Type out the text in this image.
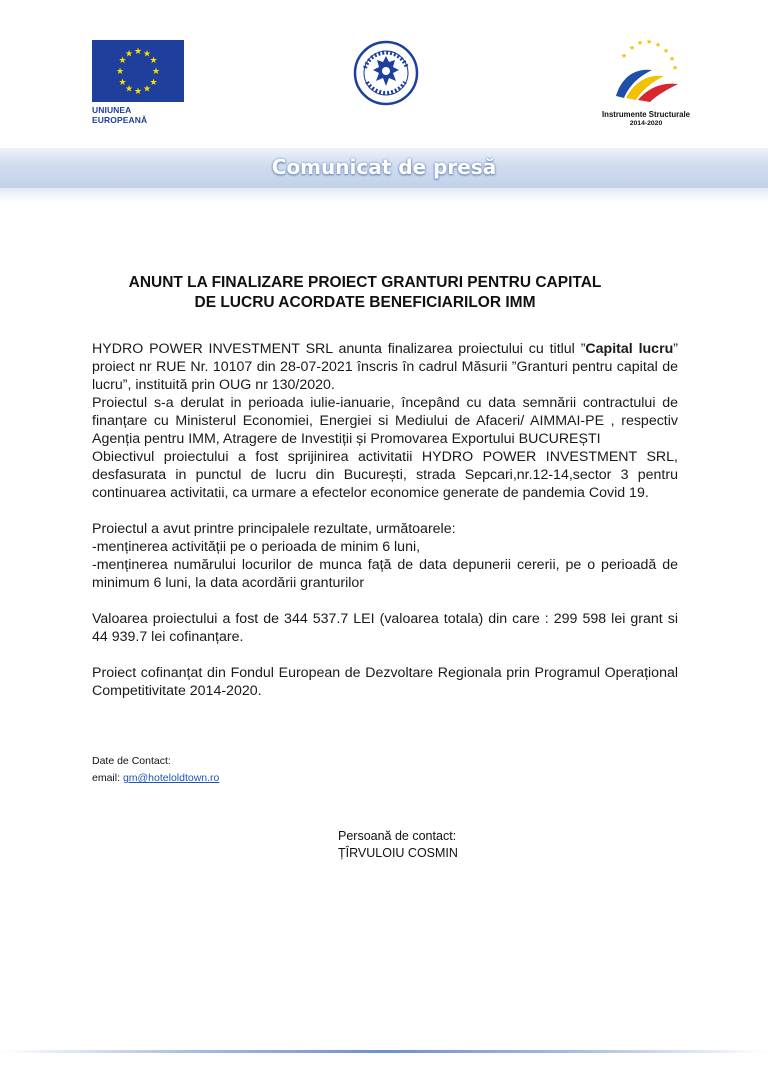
★ ★
★
★
★
★
★
★
★
★
★
★
UNIUNEA EUROPEANĂ
★
★ ★ ★
★
★	★
★
Instrumente Structurale
2014-2020
Comunicat de presă
ANUNT LA FINALIZARE PROIECT GRANTURI PENTRU CAPITAL
DE LUCRU ACORDATE BENEFICIARILOR IMM

HYDRO POWER INVESTMENT SRL anunta finalizarea proiectului cu titlul ”Capital lucru” proiect nr RUE Nr. 10107 din 28-07-2021 înscris în cadrul Măsurii ”Granturi pentru capital de lucru”, instituită prin OUG nr 130/2020.

Proiectul s-a derulat in perioada iulie-ianuarie, începând cu data semnării contractului de finanțare cu Ministerul Economiei, Energiei si Mediului de Afaceri/ AIMMAI-PE , respectiv Agenția pentru IMM, Atragere de Investiții și Promovarea Exportului BUCUREȘTI

Obiectivul proiectului a fost sprijinirea activitatii HYDRO POWER INVESTMENT SRL, desfasurata in punctul de lucru din București, strada Sepcari,nr.12-14,sector 3 pentru continuarea activitatii, ca urmare a efectelor economice generate de pandemia Covid 19.

Proiectul a avut printre principalele rezultate, următoarele:

-menținerea activității pe o perioada de minim 6 luni,

-menținerea numărului locurilor de munca față de data depunerii cererii, pe o perioadă de minimum 6 luni, la data acordării granturilor

Valoarea proiectului a fost de 344 537.7 LEI (valoarea totala) din care : 299 598 lei grant si 44 939.7 lei cofinanțare.

Proiect cofinanțat din Fondul European de Dezvoltare Regionala prin Programul Operațional Competitivitate 2014-2020.

Date de Contact:
email: gm@hoteloldtown.ro
Persoană de contact:
ȚÎRVULOIU COSMIN
